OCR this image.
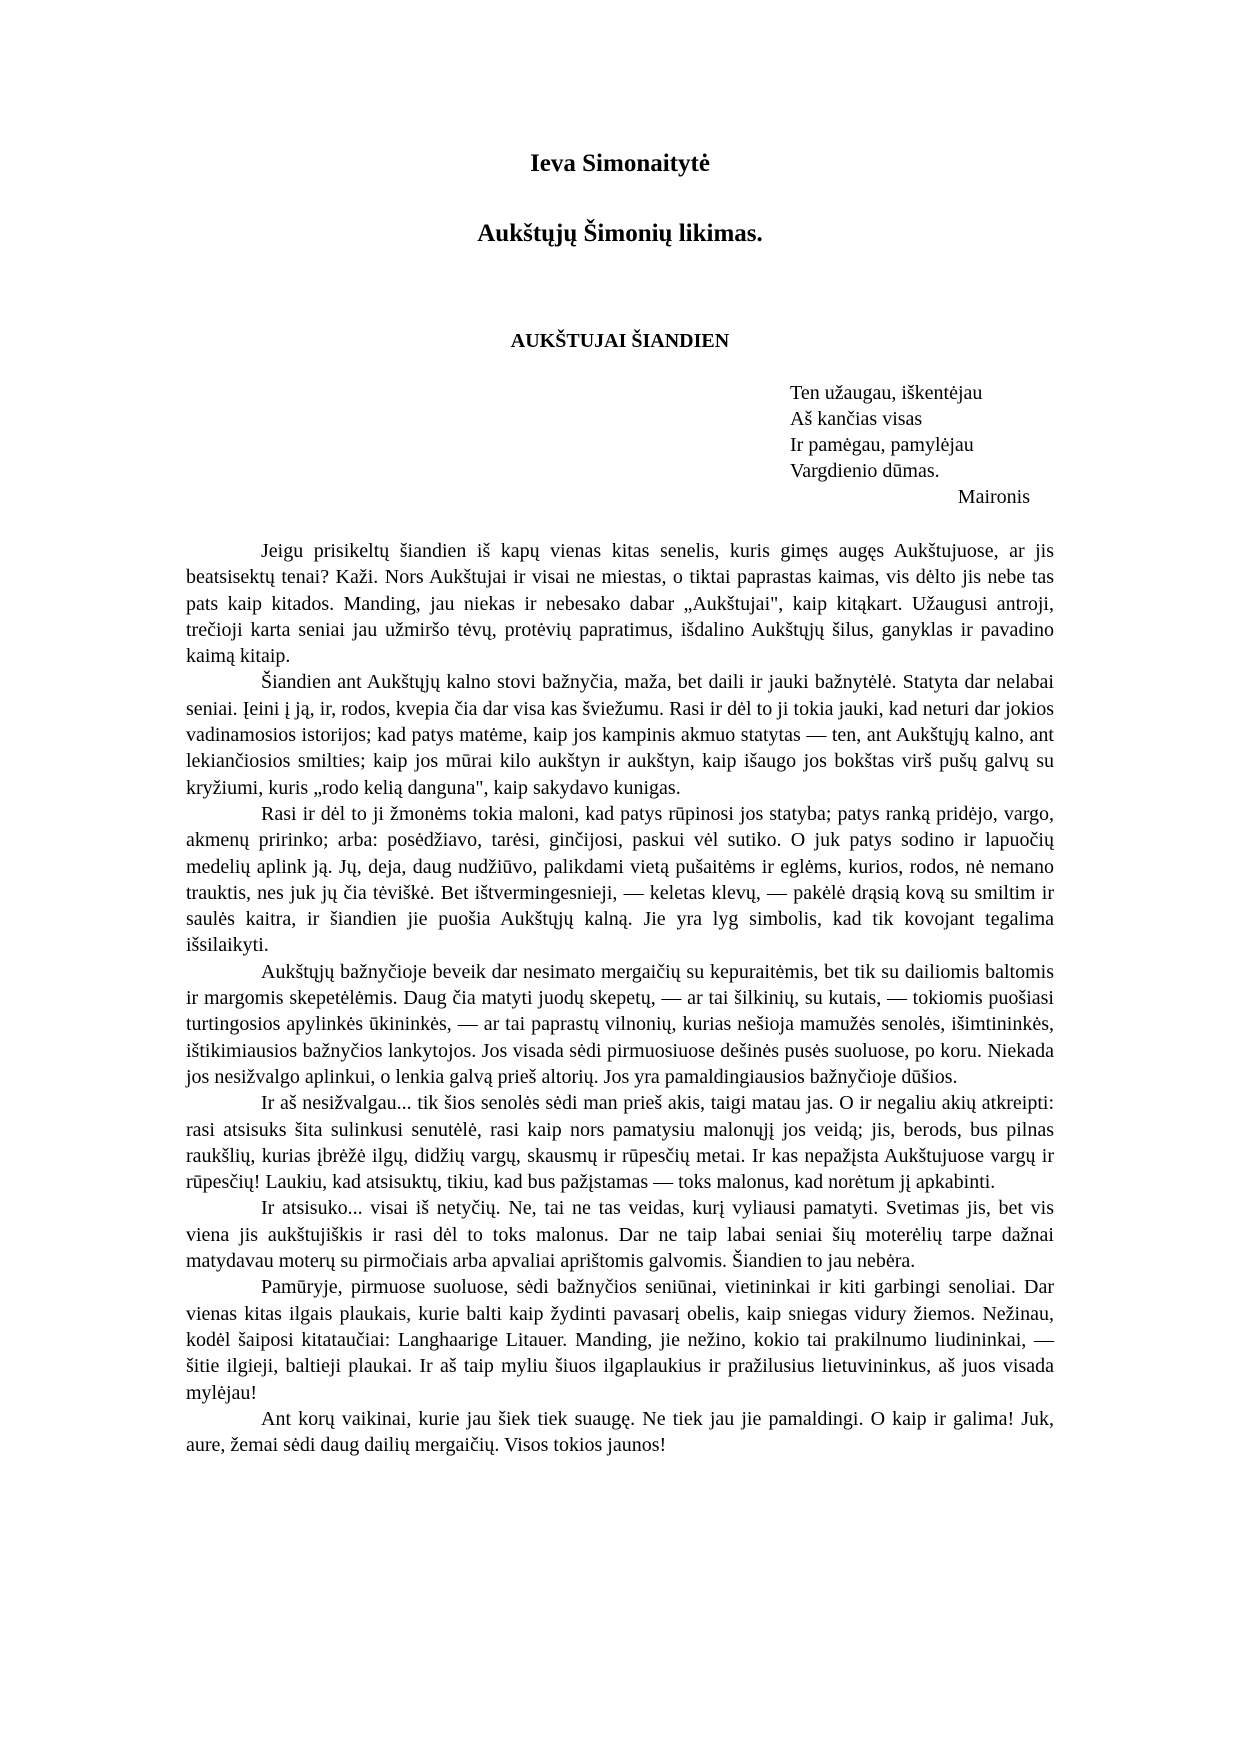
Ieva Simonaitytė
Aukštųjų Šimonių likimas.
AUKŠTUJAI ŠIANDIEN
Ten užaugau, iškentėjau
Aš kančias visas
Ir pamėgau, pamylėjau
Vargdienio dūmas.
Maironis

Jeigu prisikeltų šiandien iš kapų vienas kitas senelis, kuris gimęs augęs Aukštujuose, ar jis beatsisektų tenai? Kaži. Nors Aukštujai ir visai ne miestas, o tiktai paprastas kaimas, vis dėlto jis nebe tas pats kaip kitados. Manding, jau niekas ir nebesako dabar „Aukštujai", kaip kitąkart. Užaugusi antroji, trečioji karta seniai jau užmiršo tėvų, protėvių papratimus, išdalino Aukštųjų šilus, ganyklas ir pavadino kaimą kitaip.

Šiandien ant Aukštųjų kalno stovi bažnyčia, maža, bet daili ir jauki bažnytėlė. Statyta dar nelabai seniai. Įeini į ją, ir, rodos, kvepia čia dar visa kas šviežumu. Rasi ir dėl to ji tokia jauki, kad neturi dar jokios vadinamosios istorijos; kad patys matėme, kaip jos kampinis akmuo statytas — ten, ant Aukštųjų kalno, ant lekiančiosios smilties; kaip jos mūrai kilo aukštyn ir aukštyn, kaip išaugo jos bokštas virš pušų galvų su kryžiumi, kuris „rodo kelią danguna", kaip sakydavo kunigas.

Rasi ir dėl to ji žmonėms tokia maloni, kad patys rūpinosi jos statyba; patys ranką pridėjo, vargo, akmenų pririnko; arba: posėdžiavo, tarėsi, ginčijosi, paskui vėl sutiko. O juk patys sodino ir lapuočių medelių aplink ją. Jų, deja, daug nudžiūvo, palikdami vietą pušaitėms ir eglėms, kurios, rodos, nė nemano trauktis, nes juk jų čia tėviškė. Bet ištvermingesnieji, — keletas klevų, — pakėlė drąsią kovą su smiltim ir saulės kaitra, ir šiandien jie puošia Aukštųjų kalną. Jie yra lyg simbolis, kad tik kovojant tegalima išsilaikyti.

Aukštųjų bažnyčioje beveik dar nesimato mergaičių su kepuraitėmis, bet tik su dailiomis baltomis ir margomis skepetėlėmis. Daug čia matyti juodų skepetų, — ar tai šilkinių, su kutais, — tokiomis puošiasi turtingosios apylinkės ūkininkės, — ar tai paprastų vilnonių, kurias nešioja mamužės senolės, išimtininkės, ištikimiausios bažnyčios lankytojos. Jos visada sėdi pirmuosiuose dešinės pusės suoluose, po koru. Niekada jos nesižvalgo aplinkui, o lenkia galvą prieš altorių. Jos yra pamaldingiausios bažnyčioje dūšios.

Ir aš nesižvalgau... tik šios senolės sėdi man prieš akis, taigi matau jas. O ir negaliu akių atkreipti: rasi atsisuks šita sulinkusi senutėlė, rasi kaip nors pamatysiu malonųjį jos veidą; jis, berods, bus pilnas raukšlių, kurias įbrėžė ilgų, didžių vargų, skausmų ir rūpesčių metai. Ir kas nepažįsta Aukštujuose vargų ir rūpesčių! Laukiu, kad atsisuktų, tikiu, kad bus pažįstamas — toks malonus, kad norėtum jį apkabinti.

Ir atsisuko... visai iš netyčių. Ne, tai ne tas veidas, kurį vyliausi pamatyti. Svetimas jis, bet vis viena jis aukštujiškis ir rasi dėl to toks malonus. Dar ne taip labai seniai šių moterėlių tarpe dažnai matydavau moterų su pirmočiais arba apvaliai aprištomis galvomis. Šiandien to jau nebėra.

Pamūryje, pirmuose suoluose, sėdi bažnyčios seniūnai, vietininkai ir kiti garbingi senoliai. Dar vienas kitas ilgais plaukais, kurie balti kaip žydinti pavasarį obelis, kaip sniegas vidury žiemos. Nežinau, kodėl šaiposi kitataučiai: Langhaarige Litauer. Manding, jie nežino, kokio tai prakilnumo liudininkai, — šitie ilgieji, baltieji plaukai. Ir aš taip myliu šiuos ilgaplaukius ir pražilusius lietuvininkus, aš juos visada mylėjau!

Ant korų vaikinai, kurie jau šiek tiek suaugę. Ne tiek jau jie pamaldingi. O kaip ir galima! Juk, aure, žemai sėdi daug dailių mergaičių. Visos tokios jaunos!
